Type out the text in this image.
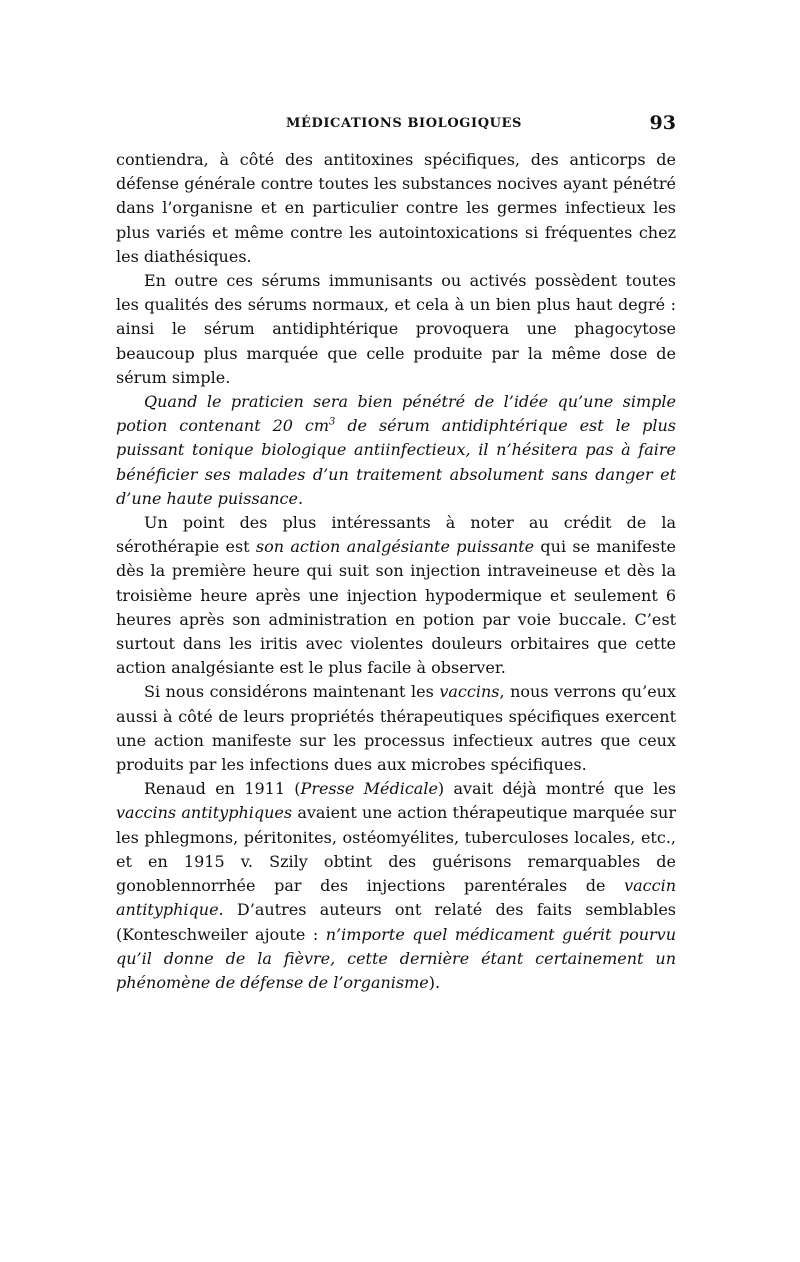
MÉDICATIONS BIOLOGIQUES	93

contiendra, à côté des antitoxines spécifiques, des anticorps de défense générale contre toutes les substances nocives ayant pénétré dans l’organisne et en particulier contre les germes infectieux les plus variés et même contre les autointoxications si fréquentes chez les diathésiques.

En outre ces sérums immunisants ou activés possèdent toutes les qualités des sérums normaux, et cela à un bien plus haut degré : ainsi le sérum antidiphtérique provoquera une phagocytose beaucoup plus marquée que celle produite par la même dose de sérum simple.

Quand le praticien sera bien pénétré de l’idée qu’une simple potion contenant 20 $cm^3$ de sérum antidiphtérique est le plus puissant tonique biologique antiinfectieux, il n’hésitera pas à faire bénéficier ses malades d’un traitement absolument sans danger et d’une haute puissance.

Un point des plus intéressants à noter au crédit de la sérothérapie est son action analgésiante puissante qui se manifeste dès la première heure qui suit son injection intraveineuse et dès la troisième heure après une injection hypodermique et seulement 6 heures après son administration en potion par voie buccale. C’est surtout dans les iritis avec violentes douleurs orbitaires que cette action analgésiante est le plus facile à observer.

Si nous considérons maintenant les vaccins, nous verrons qu’eux aussi à côté de leurs propriétés thérapeutiques spécifiques exercent une action manifeste sur les processus infectieux autres que ceux produits par les infections dues aux microbes spécifiques.

Renaud en 1911 (Presse Médicale) avait déjà montré que les vaccins antityphiques avaient une action thérapeutique marquée sur les phlegmons, péritonites, ostéomyélites, tuberculoses locales, etc., et en 1915 v. Szily obtint des guérisons remarquables de gonoblennorrhée par des injections parentérales de vaccin antityphique. D’autres auteurs ont relaté des faits semblables (Konteschweiler ajoute : n’importe quel médicament guérit pourvu qu’il donne de la fièvre, cette dernière étant certainement un phénomène de défense de l’organisme).
